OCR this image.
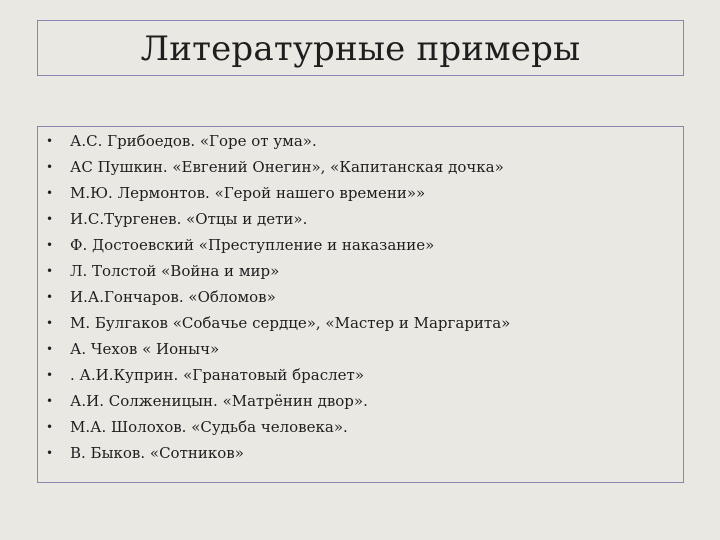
Литературные примеры
• А.С. Грибоедов. «Горе от ума».
• АС Пушкин. «Евгений Онегин», «Капитанская дочка»
• М.Ю. Лермонтов. «Герой нашего времени»»
• И.С.Тургенев. «Отцы и дети».
• Ф. Достоевский «Преступление и наказание»
• Л. Толстой «Война и мир»
• И.А.Гончаров. «Обломов»
• М. Булгаков «Собачье сердце», «Мастер и Маргарита»
• А. Чехов « Ионыч»
• . А.И.Куприн. «Гранатовый браслет»
• А.И. Солженицын. «Матрёнин двор».
• М.А. Шолохов. «Судьба человека».
• В. Быков. «Сотников»
